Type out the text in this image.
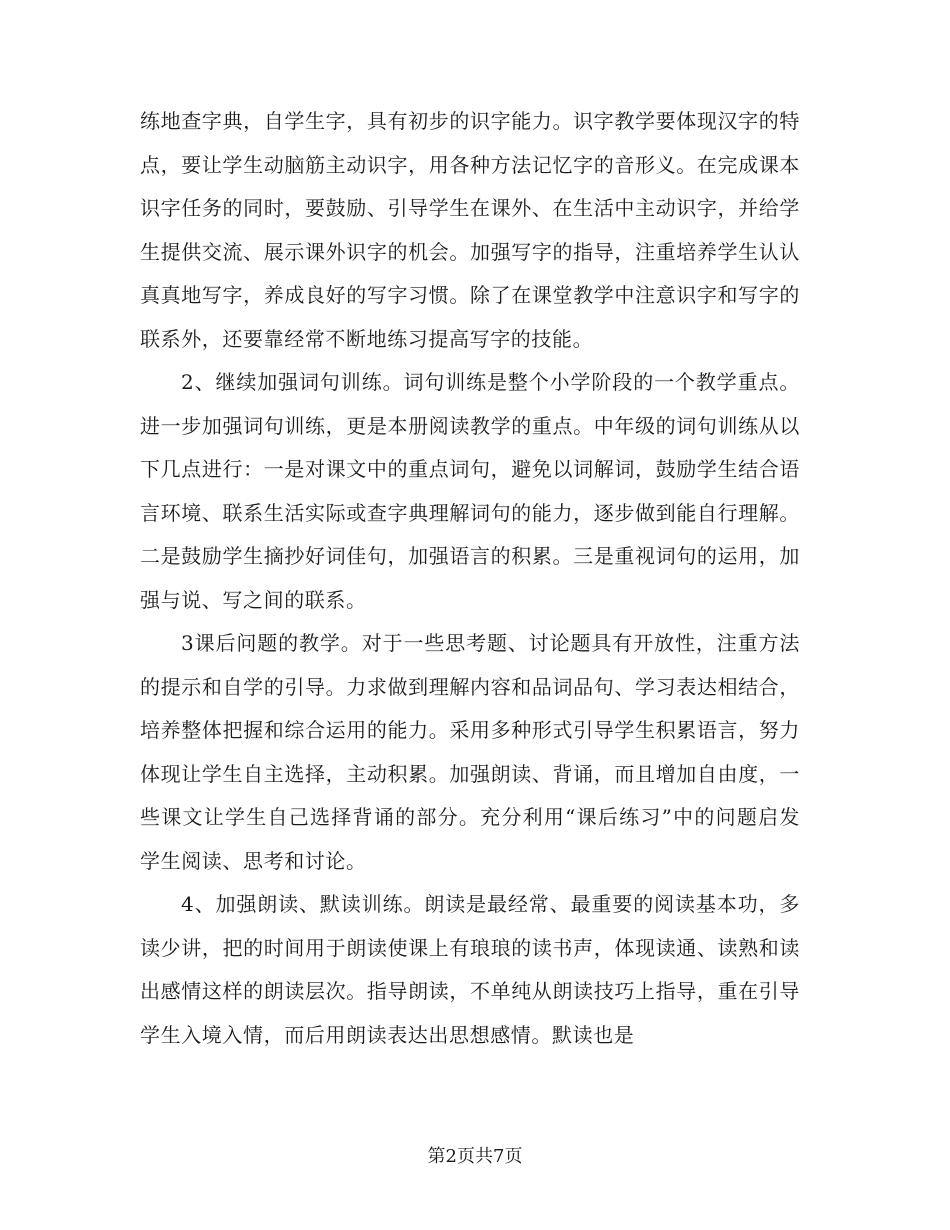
练地查字典，自学生字，具有初步的识字能力。识字教学要体现汉字的特点，要让学生动脑筋主动识字，用各种方法记忆字的音形义。在完成课本识字任务的同时，要鼓励、引导学生在课外、在生活中主动识字，并给学生提供交流、展示课外识字的机会。加强写字的指导，注重培养学生认认真真地写字，养成良好的写字习惯。除了在课堂教学中注意识字和写字的联系外，还要靠经常不断地练习提高写字的技能。

2、继续加强词句训练。词句训练是整个小学阶段的一个教学重点。进一步加强词句训练，更是本册阅读教学的重点。中年级的词句训练从以下几点进行：一是对课文中的重点词句，避免以词解词，鼓励学生结合语言环境、联系生活实际或查字典理解词句的能力，逐步做到能自行理解。二是鼓励学生摘抄好词佳句，加强语言的积累。三是重视词句的运用，加强与说、写之间的联系。

3课后问题的教学。对于一些思考题、讨论题具有开放性，注重方法的提示和自学的引导。力求做到理解内容和品词品句、学习表达相结合，培养整体把握和综合运用的能力。采用多种形式引导学生积累语言，努力体现让学生自主选择，主动积累。加强朗读、背诵，而且增加自由度，一些课文让学生自己选择背诵的部分。充分利用“课后练习”中的问题启发学生阅读、思考和讨论。

4、加强朗读、默读训练。朗读是最经常、最重要的阅读基本功，多读少讲，把的时间用于朗读使课上有琅琅的读书声，体现读通、读熟和读出感情这样的朗读层次。指导朗读，不单纯从朗读技巧上指导，重在引导学生入境入情，而后用朗读表达出思想感情。默读也是

第2页共7页
